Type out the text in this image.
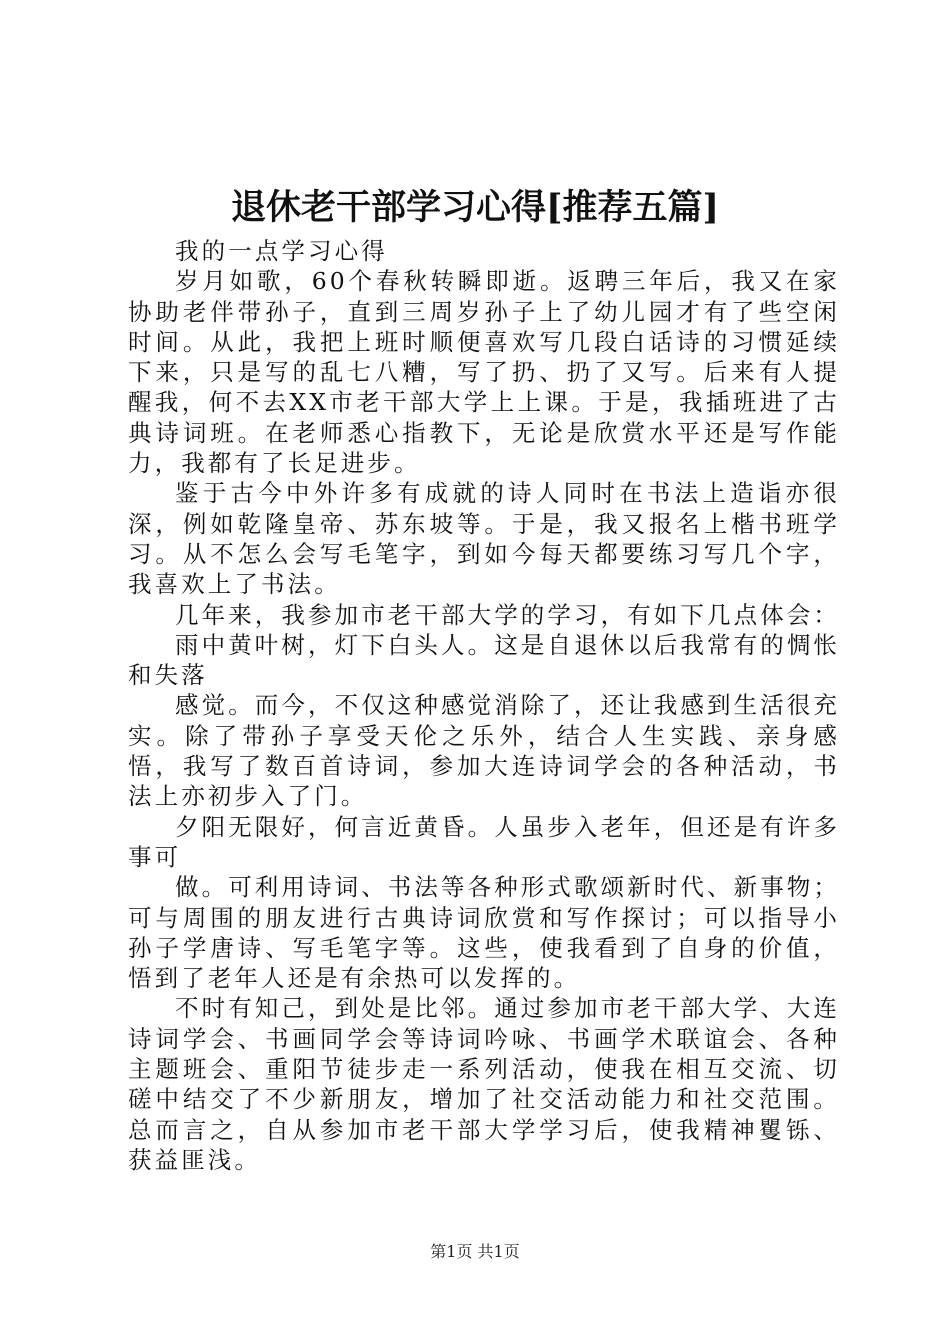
退休老干部学习心得[推荐五篇]

我的一点学习心得

岁月如歌，60个春秋转瞬即逝。返聘三年后，我又在家协助老伴带孙子，直到三周岁孙子上了幼儿园才有了些空闲时间。从此，我把上班时顺便喜欢写几段白话诗的习惯延续下来，只是写的乱七八糟，写了扔、扔了又写。后来有人提醒我，何不去XX市老干部大学上上课。于是，我插班进了古典诗词班。在老师悉心指教下，无论是欣赏水平还是写作能力，我都有了长足进步。

鉴于古今中外许多有成就的诗人同时在书法上造诣亦很深，例如乾隆皇帝、苏东坡等。于是，我又报名上楷书班学习。从不怎么会写毛笔字，到如今每天都要练习写几个字，我喜欢上了书法。

几年来，我参加市老干部大学的学习，有如下几点体会：

雨中黄叶树，灯下白头人。这是自退休以后我常有的惆怅和失落

感觉。而今，不仅这种感觉消除了，还让我感到生活很充实。除了带孙子享受天伦之乐外，结合人生实践、亲身感悟，我写了数百首诗词，参加大连诗词学会的各种活动，书法上亦初步入了门。

夕阳无限好，何言近黄昏。人虽步入老年，但还是有许多事可

做。可利用诗词、书法等各种形式歌颂新时代、新事物；可与周围的朋友进行古典诗词欣赏和写作探讨；可以指导小孙子学唐诗、写毛笔字等。这些，使我看到了自身的价值，悟到了老年人还是有余热可以发挥的。

不时有知己，到处是比邻。通过参加市老干部大学、大连诗词学会、书画同学会等诗词吟咏、书画学术联谊会、各种主题班会、重阳节徒步走一系列活动，使我在相互交流、切磋中结交了不少新朋友，增加了社交活动能力和社交范围。总而言之，自从参加市老干部大学学习后，使我精神矍铄、获益匪浅。

第1页 共1页
